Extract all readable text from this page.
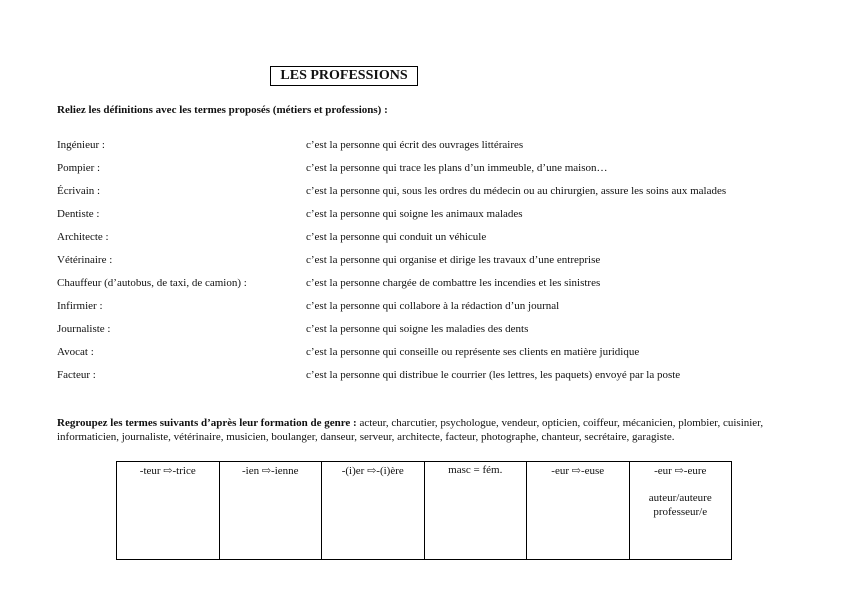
LES PROFESSIONS
Reliez les définitions avec les termes proposés (métiers et professions) :
Ingénieur :	c’est la personne qui écrit des ouvrages littéraires
Pompier :	c’est la personne qui trace les plans d’un immeuble, d’une maison…
Écrivain :	c’est la personne qui, sous les ordres du médecin ou au chirurgien, assure les soins aux malades
Dentiste :	c’est la personne qui soigne les animaux malades
Architecte :	c’est la personne qui conduit un véhicule
Vétérinaire :	c’est la personne qui organise et dirige les travaux d’une entreprise
Chauffeur (d’autobus, de taxi, de camion) :	c’est la personne chargée de combattre les incendies et les sinistres
Infirmier :	c’est la personne qui collabore à la rédaction d’un journal
Journaliste :	c’est la personne qui soigne les maladies des dents
Avocat :	c’est la personne qui conseille ou représente ses clients en matière juridique
Facteur :	c’est la personne qui distribue le courrier (les lettres, les paquets) envoyé par la poste
Regroupez les termes suivants d’après leur formation de genre : acteur, charcutier, psychologue, vendeur, opticien, coiffeur, mécanicien, plombier, cuisinier, informaticien, journaliste, vétérinaire, musicien, boulanger, danseur, serveur, architecte, facteur, photographe, chanteur, secrétaire, garagiste.
-teur ⇨-trice	-ien ⇨-ienne	-(i)er ⇨-(i)ère	masc = fém.	-eur ⇨-euse	-eur ⇨-eure
auteur/auteure
professeur/e
